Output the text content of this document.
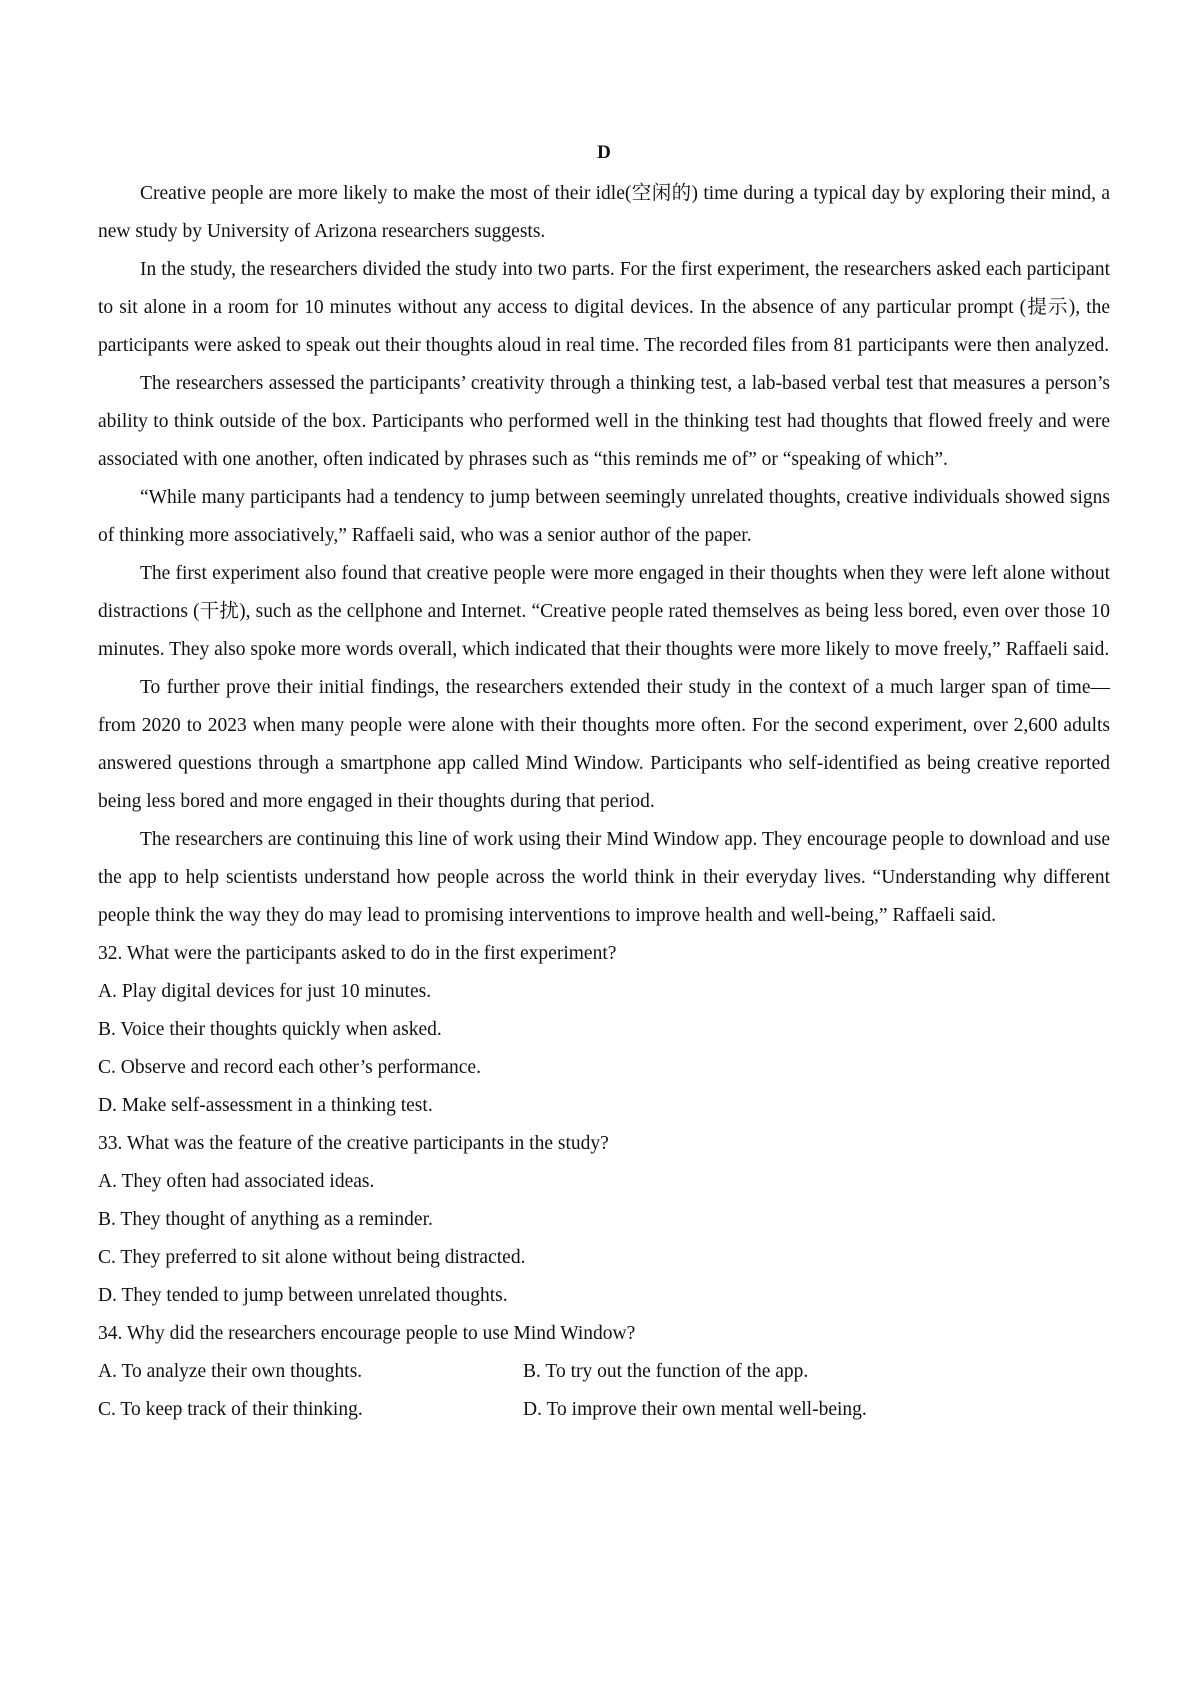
D

Creative people are more likely to make the most of their idle(空闲的) time during a typical day by exploring their mind, a new study by University of Arizona researchers suggests.

In the study, the researchers divided the study into two parts. For the first experiment, the researchers asked each participant to sit alone in a room for 10 minutes without any access to digital devices. In the absence of any particular prompt (提示), the participants were asked to speak out their thoughts aloud in real time. The recorded files from 81 participants were then analyzed.

The researchers assessed the participants’ creativity through a thinking test, a lab-based verbal test that measures a person’s ability to think outside of the box. Participants who performed well in the thinking test had thoughts that flowed freely and were associated with one another, often indicated by phrases such as “this reminds me of” or “speaking of which”.

“While many participants had a tendency to jump between seemingly unrelated thoughts, creative individuals showed signs of thinking more associatively,” Raffaeli said, who was a senior author of the paper.

The first experiment also found that creative people were more engaged in their thoughts when they were left alone without distractions (干扰), such as the cellphone and Internet. “Creative people rated themselves as being less bored, even over those 10 minutes. They also spoke more words overall, which indicated that their thoughts were more likely to move freely,” Raffaeli said.

To further prove their initial findings, the researchers extended their study in the context of a much larger span of time—from 2020 to 2023 when many people were alone with their thoughts more often. For the second experiment, over 2,600 adults answered questions through a smartphone app called Mind Window. Participants who self-identified as being creative reported being less bored and more engaged in their thoughts during that period.

The researchers are continuing this line of work using their Mind Window app. They encourage people to download and use the app to help scientists understand how people across the world think in their everyday lives. “Understanding why different people think the way they do may lead to promising interventions to improve health and well-being,” Raffaeli said.

32. What were the participants asked to do in the first experiment?

A. Play digital devices for just 10 minutes.

B. Voice their thoughts quickly when asked.

C. Observe and record each other’s performance.

D. Make self-assessment in a thinking test.

33. What was the feature of the creative participants in the study?

A. They often had associated ideas.

B. They thought of anything as a reminder.

C. They preferred to sit alone without being distracted.

D. They tended to jump between unrelated thoughts.

34. Why did the researchers encourage people to use Mind Window?

A. To analyze their own thoughts.	B. To try out the function of the app.
C. To keep track of their thinking.	D. To improve their own mental well-being.
